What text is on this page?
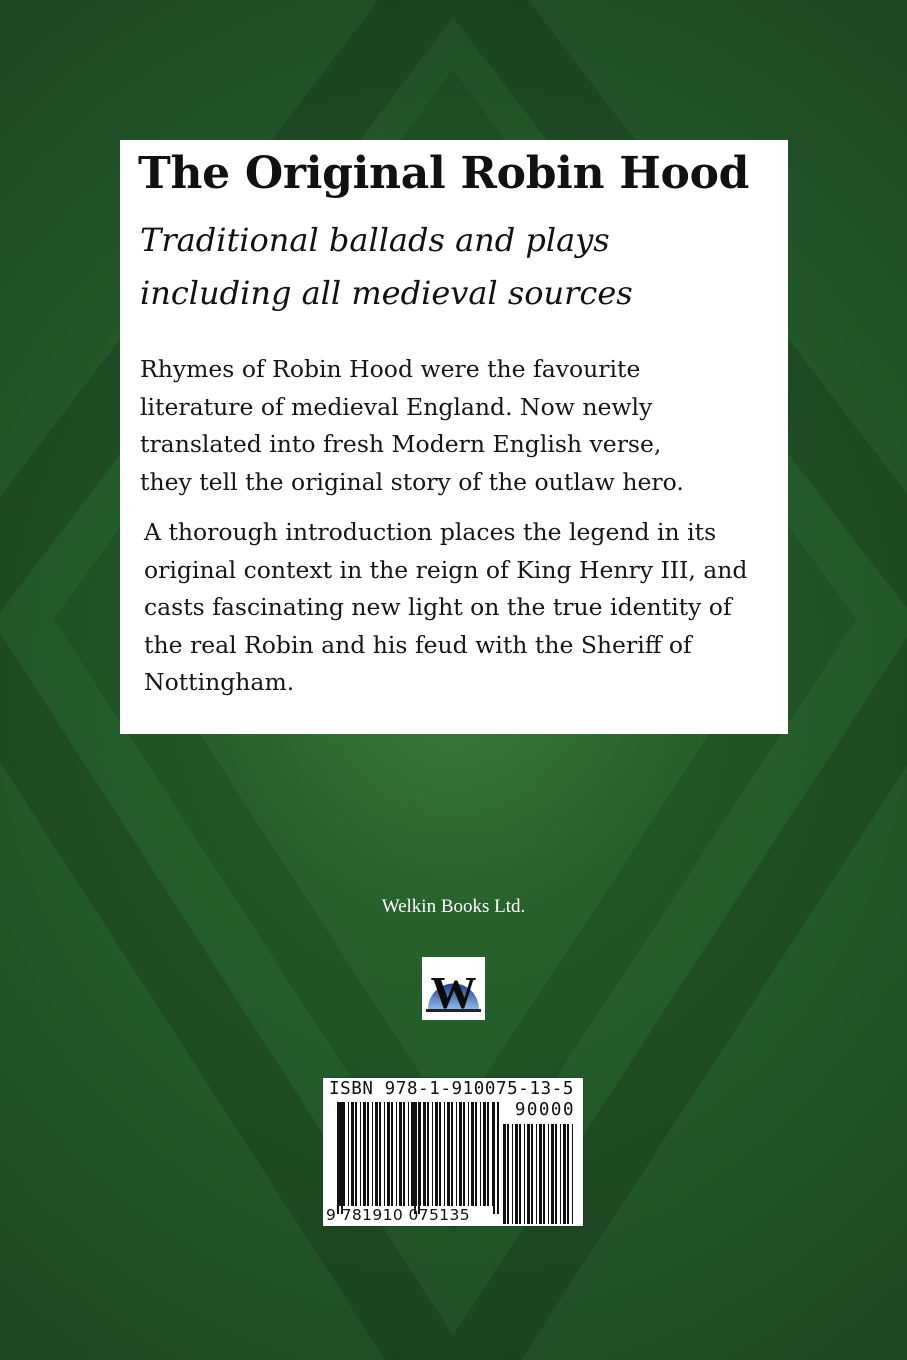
The Original Robin Hood

Traditional ballads and plays including all medieval sources

Rhymes of Robin Hood were the favourite literature of medieval England. Now newly translated into fresh Modern English verse, they tell the original story of the outlaw hero.

A thorough introduction places the legend in its original context in the reign of King Henry III, and casts fascinating new light on the true identity of the real Robin and his feud with the Sheriff of Nottingham.

Welkin Books Ltd.

W

ISBN 978-1-910075-13-5

90000

9 781910 075135
